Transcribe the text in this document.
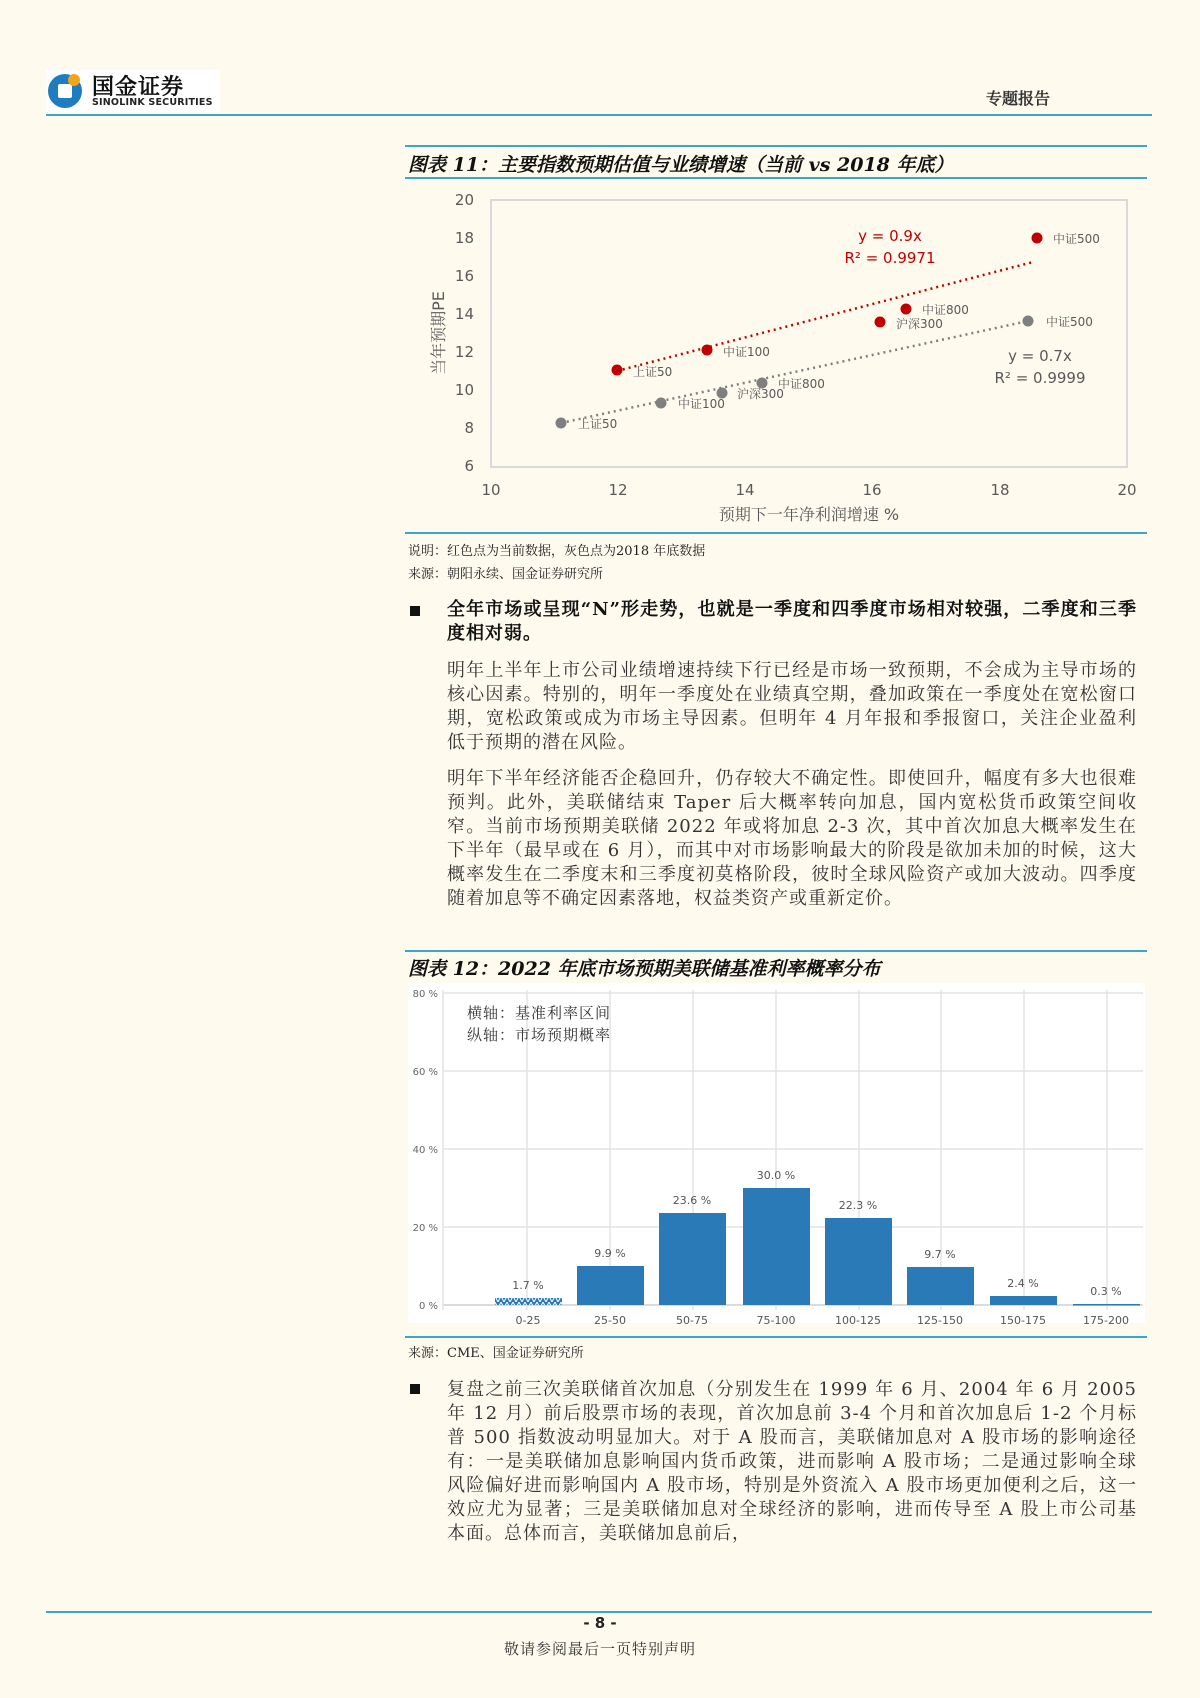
国金证券
SINOLINK SECURITIES	专题报告
图表 11：主要指数预期估值与业绩增速（当前 vs 2018 年底）
20
18
16
14
12
10
8
6
10	12	14	16	18	20
预期下一年净利润增速 %
当年预期PE	上证50
中证100
沪深300
中证800
中证500
上证50
中证100
沪深300
中证800
中证500
y = 0.9x
R² = 0.9971
y = 0.7x
R² = 0.9999
说明：红色点为当前数据，灰色点为2018 年底数据
来源：朝阳永续、国金证券研究所
全年市场或呈现“N”形走势，也就是一季度和四季度市场相对较强，二季度和三季度相对弱。
明年上半年上市公司业绩增速持续下行已经是市场一致预期，不会成为主导市场的核心因素。特别的，明年一季度处在业绩真空期，叠加政策在一季度处在宽松窗口期，宽松政策或成为市场主导因素。但明年 4 月年报和季报窗口，关注企业盈利低于预期的潜在风险。
明年下半年经济能否企稳回升，仍存较大不确定性。即使回升，幅度有多大也很难预判。此外，美联储结束 Taper 后大概率转向加息，国内宽松货币政策空间收窄。当前市场预期美联储 2022 年或将加息 2-3 次，其中首次加息大概率发生在下半年（最早或在 6 月），而其中对市场影响最大的阶段是欲加未加的时候，这大概率发生在二季度末和三季度初莫格阶段，彼时全球风险资产或加大波动。四季度随着加息等不确定因素落地，权益类资产或重新定价。
图表 12：2022 年底市场预期美联储基准利率概率分布
80 %
60 %
40 %
20 %
0 %
1.7 %
9.9 %
23.6 %
30.0 %
22.3 %
9.7 %
2.4 %
0.3 %
0-25	25-50	50-75	75-100	100-125	125-150	150-175	175-200
横轴：基准利率区间
纵轴：市场预期概率
来源：CME、国金证券研究所
复盘之前三次美联储首次加息（分别发生在 1999 年 6 月、2004 年 6 月 2005 年 12 月）前后股票市场的表现，首次加息前 3-4 个月和首次加息后 1-2 个月标普 500 指数波动明显加大。对于 A 股而言，美联储加息对 A 股市场的影响途径有：一是美联储加息影响国内货币政策，进而影响 A 股市场；二是通过影响全球风险偏好进而影响国内 A 股市场，特别是外资流入 A 股市场更加便利之后，这一效应尤为显著；三是美联储加息对全球经济的影响，进而传导至 A 股上市公司基本面。总体而言，美联储加息前后，
- 8 -
敬请参阅最后一页特别声明
